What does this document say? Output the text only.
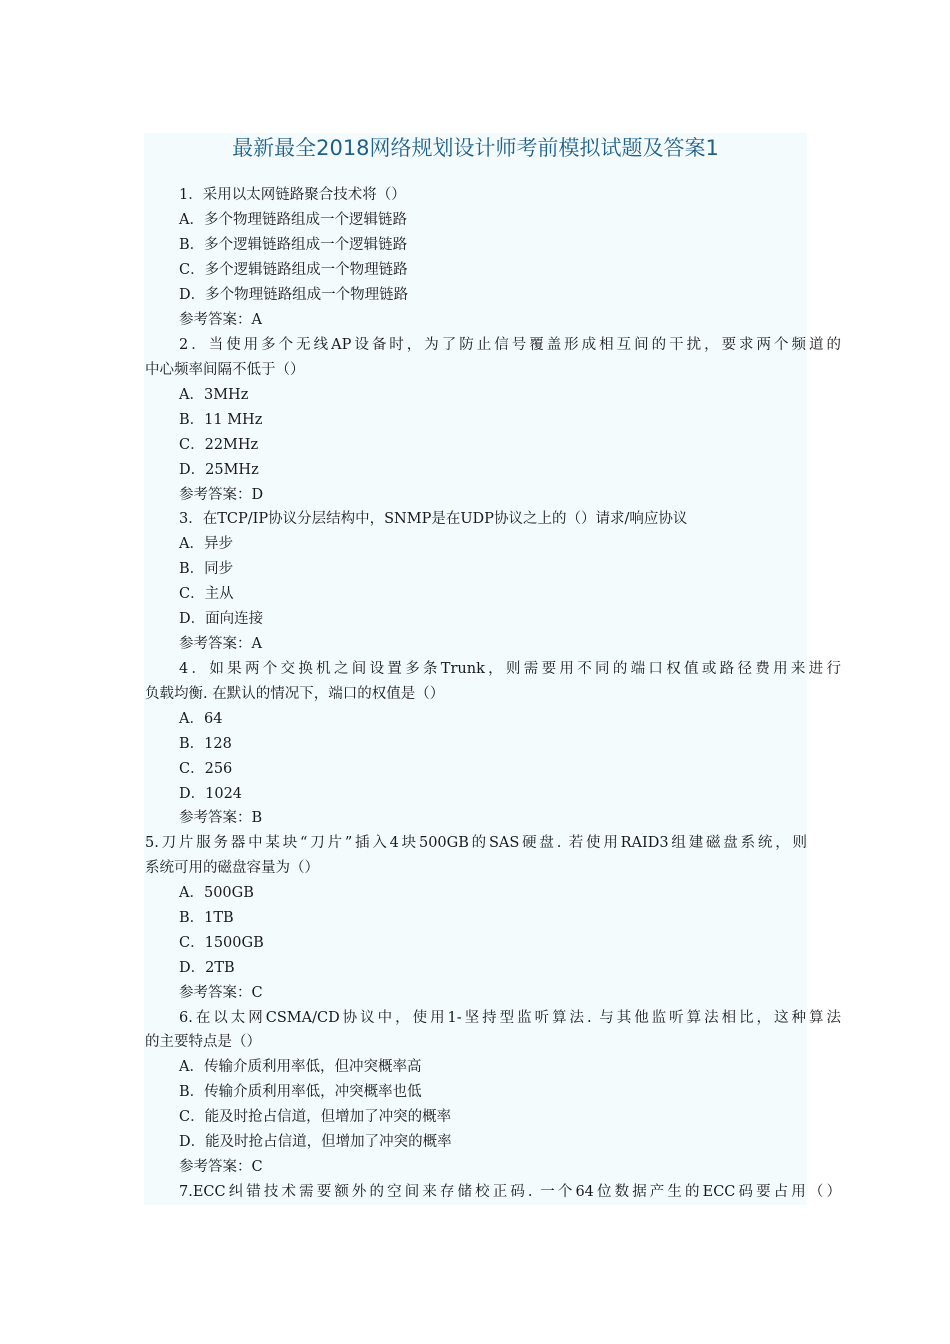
最新最全2018网络规划设计师考前模拟试题及答案1
1．采用以太网链路聚合技术将（）
A．多个物理链路组成一个逻辑链路
B．多个逻辑链路组成一个逻辑链路
C．多个逻辑链路组成一个物理链路
D．多个物理链路组成一个物理链路
参考答案：A
2．当使用多个无线AP设备时，为了防止信号覆盖形成相互间的干扰，要求两个频道的
中心频率间隔不低于（）
A．3MHz
B．11 MHz
C．22MHz
D．25MHz
参考答案：D
3．在TCP/IP协议分层结构中，SNMP是在UDP协议之上的（）请求/响应协议
A．异步
B．同步
C．主从
D．面向连接
参考答案：A
4．如果两个交换机之间设置多条Trunk，则需要用不同的端口权值或路径费用来进行
负载均衡. 在默认的情况下，端口的权值是（）
A．64
B．128
C．256
D．1024
参考答案：B
5.刀片服务器中某块“刀片”插入4块500GB的SAS硬盘. 若使用RAID3组建磁盘系统，则
系统可用的磁盘容量为（）
A．500GB
B．1TB
C．1500GB
D．2TB
参考答案：C
6.在以太网CSMA/CD协议中，使用1-坚持型监听算法. 与其他监听算法相比，这种算法
的主要特点是（）
A．传输介质利用率低，但冲突概率高
B．传输介质利用率低，冲突概率也低
C．能及时抢占信道，但增加了冲突的概率
D．能及时抢占信道，但增加了冲突的概率
参考答案：C
7.ECC纠错技术需要额外的空间来存储校正码. 一个64位数据产生的ECC码要占用（）
